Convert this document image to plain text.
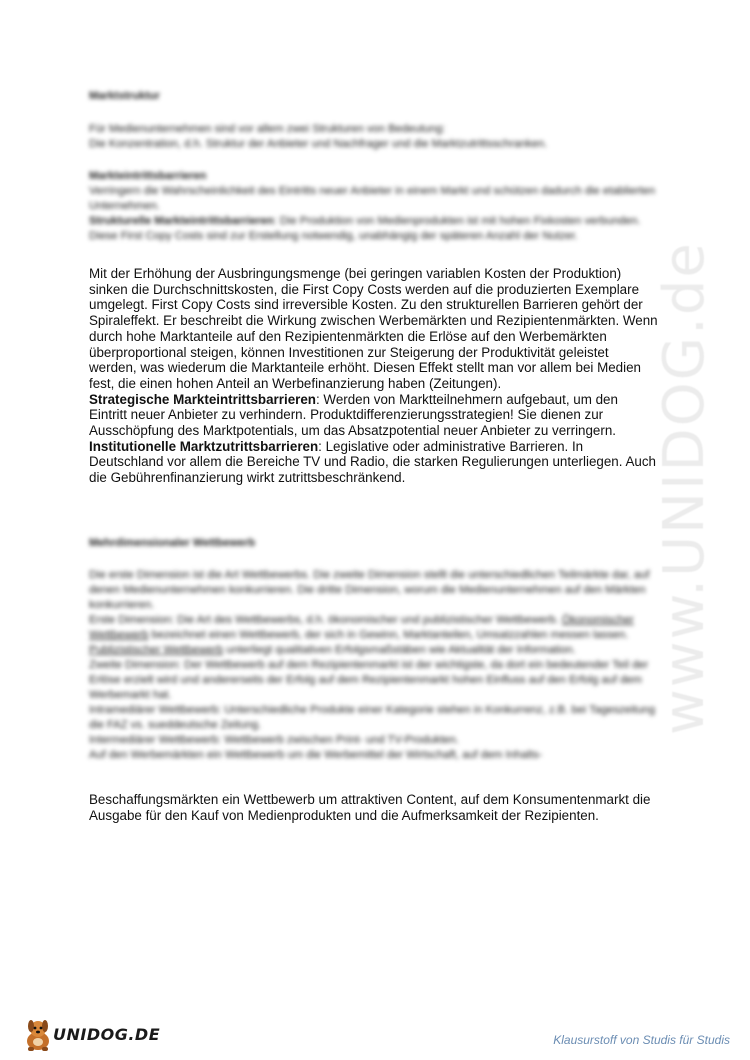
www.UNIDOG.de
Marktstruktur
Für Medienunternehmen sind vor allem zwei Strukturen von Bedeutung:
Die Konzentration, d.h. Struktur der Anbieter und Nachfrager und die Marktzutrittsschranken.
Markteintrittsbarrieren
Verringern die Wahrscheinlichkeit des Eintritts neuer Anbieter in einem Markt und schützen dadurch die etablierten Unternehmen.
Strukturelle Markteintrittsbarrieren: Die Produktion von Medienprodukten ist mit hohen Fixkosten verbunden. Diese First Copy Costs sind zur Erstellung notwendig, unabhängig der späteren Anzahl der Nutzer.
Mit der Erhöhung der Ausbringungsmenge (bei geringen variablen Kosten der Produktion) sinken die Durchschnittskosten, die First Copy Costs werden auf die produzierten Exemplare umgelegt. First Copy Costs sind irreversible Kosten. Zu den strukturellen Barrieren gehört der Spiraleffekt. Er beschreibt die Wirkung zwischen Werbemärkten und Rezipientenmärkten. Wenn durch hohe Marktanteile auf den Rezipientenmärkten die Erlöse auf den Werbemärkten überproportional steigen, können Investitionen zur Steigerung der Produktivität geleistet werden, was wiederum die Marktanteile erhöht. Diesen Effekt stellt man vor allem bei Medien fest, die einen hohen Anteil an Werbefinanzierung haben (Zeitungen).
Strategische Markteintrittsbarrieren: Werden von Marktteilnehmern aufgebaut, um den Eintritt neuer Anbieter zu verhindern. Produktdifferenzierungsstrategien! Sie dienen zur Ausschöpfung des Marktpotentials, um das Absatzpotential neuer Anbieter zu verringern.
Institutionelle Marktzutrittsbarrieren: Legislative oder administrative Barrieren. In Deutschland vor allem die Bereiche TV und Radio, die starken Regulierungen unterliegen. Auch die Gebührenfinanzierung wirkt zutrittsbeschränkend.
Mehrdimensionaler Wettbewerb
Die erste Dimension ist die Art Wettbewerbs. Die zweite Dimension stellt die unterschiedlichen Teilmärkte dar, auf denen Medienunternehmen konkurrieren. Die dritte Dimension, worum die Medienunternehmen auf den Märkten konkurrieren.
Erste Dimension: Die Art des Wettbewerbs, d.h. ökonomischer und publizistischer Wettbewerb. Ökonomischer Wettbewerb bezeichnet einen Wettbewerb, der sich in Gewinn, Marktanteilen, Umsatzzahlen messen lassen. Publizistischer Wettbewerb unterliegt qualitativen Erfolgsmaßstäben wie Aktualität der Information.
Zweite Dimension: Der Wettbewerb auf dem Rezipientenmarkt ist der wichtigste, da dort ein bedeutender Teil der Erlöse erzielt wird und andererseits der Erfolg auf dem Rezipientenmarkt hohen Einfluss auf den Erfolg auf dem Werbemarkt hat.
Intramediärer Wettbewerb: Unterschiedliche Produkte einer Kategorie stehen in Konkurrenz, z.B. bei Tageszeitung die FAZ vs. sueddeutsche Zeitung.
Intermediärer Wettbewerb: Wettbewerb zwischen Print- und TV-Produkten.
Auf den Werbemärkten ein Wettbewerb um die Werbemittel der Wirtschaft, auf dem Inhalts-
Beschaffungsmärkten ein Wettbewerb um attraktiven Content, auf dem Konsumentenmarkt die Ausgabe für den Kauf von Medienprodukten und die Aufmerksamkeit der Rezipienten.
UNIDOG.DE	Klausurstoff von Studis für Studis
